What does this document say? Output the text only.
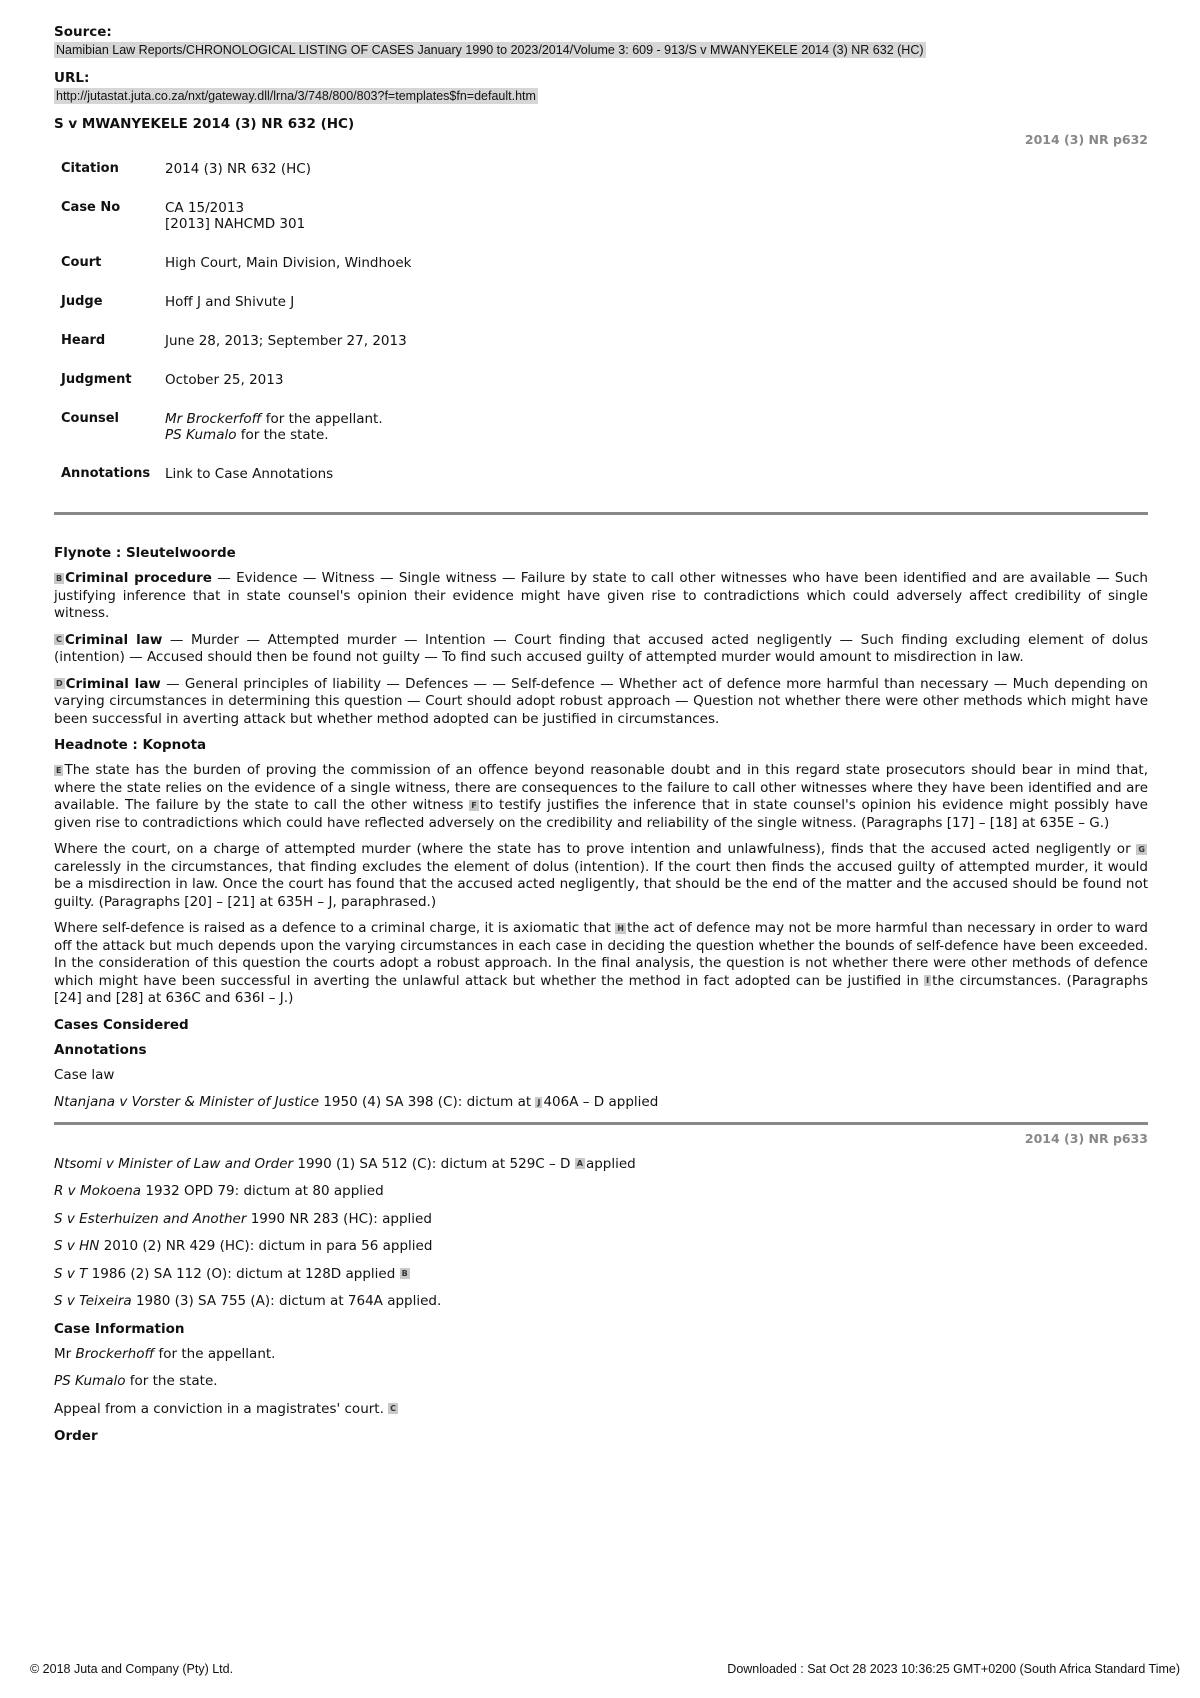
Source:
Namibian Law Reports/CHRONOLOGICAL LISTING OF CASES January 1990 to 2023/2014/Volume 3: 609 - 913/S v MWANYEKELE 2014 (3) NR 632 (HC)
URL:
http://jutastat.juta.co.za/nxt/gateway.dll/lrna/3/748/800/803?f=templates$fn=default.htm
S v MWANYEKELE 2014 (3) NR 632 (HC)
2014 (3) NR p632
Citation	2014 (3) NR 632 (HC)
Case No	CA 15/2013
[2013] NAHCMD 301

Court	High Court, Main Division, Windhoek
Judge	Hoff J and Shivute J
Heard	June 28, 2013; September 27, 2013
Judgment	October 25, 2013
Counsel	Mr Brockerfoff for the appellant.
PS Kumalo for the state.

Annotations	Link to Case Annotations
Flynote : Sleutelwoorde

B Criminal procedure — Evidence — Witness — Single witness — Failure by state to call other witnesses who have been identified and are available — Such justifying inference that in state counsel's opinion their evidence might have given rise to contradictions which could adversely affect credibility of single witness.

C Criminal law — Murder — Attempted murder — Intention — Court finding that accused acted negligently — Such finding excluding element of dolus (intention) — Accused should then be found not guilty — To find such accused guilty of attempted murder would amount to misdirection in law.

D Criminal law — General principles of liability — Defences — — Self-defence — Whether act of defence more harmful than necessary — Much depending on varying circumstances in determining this question — Court should adopt robust approach — Question not whether there were other methods which might have been successful in averting attack but whether method adopted can be justified in circumstances.

Headnote : Kopnota

E The state has the burden of proving the commission of an offence beyond reasonable doubt and in this regard state prosecutors should bear in mind that, where the state relies on the evidence of a single witness, there are consequences to the failure to call other witnesses where they have been identified and are available. The failure by the state to call the other witness F to testify justifies the inference that in state counsel's opinion his evidence might possibly have given rise to contradictions which could have reflected adversely on the credibility and reliability of the single witness. (Paragraphs [17] – [18] at 635E – G.)

Where the court, on a charge of attempted murder (where the state has to prove intention and unlawfulness), finds that the accused acted negligently or Gcarelessly in the circumstances, that finding excludes the element of dolus (intention). If the court then finds the accused guilty of attempted murder, it would be a misdirection in law. Once the court has found that the accused acted negligently, that should be the end of the matter and the accused should be found not guilty. (Paragraphs [20] – [21] at 635H – J, paraphrased.)

Where self-defence is raised as a defence to a criminal charge, it is axiomatic that H the act of defence may not be more harmful than necessary in order to ward off the attack but much depends upon the varying circumstances in each case in deciding the question whether the bounds of self-defence have been exceeded. In the consideration of this question the courts adopt a robust approach. In the final analysis, the question is not whether there were other methods of defence which might have been successful in averting the unlawful attack but whether the method in fact adopted can be justified in I the circumstances. (Paragraphs [24] and [28] at 636C and 636I – J.)

Cases Considered
Annotations

Case law

Ntanjana v Vorster & Minister of Justice 1950 (4) SA 398 (C): dictum at J 406A – D applied

2014 (3) NR p633

Ntsomi v Minister of Law and Order 1990 (1) SA 512 (C): dictum at 529C – D A applied

R v Mokoena 1932 OPD 79: dictum at 80 applied

S v Esterhuizen and Another 1990 NR 283 (HC): applied

S v HN 2010 (2) NR 429 (HC): dictum in para 56 applied

S v T 1986 (2) SA 112 (O): dictum at 128D applied B

S v Teixeira 1980 (3) SA 755 (A): dictum at 764A applied.

Case Information

Mr Brockerhoff for the appellant.

PS Kumalo for the state.

Appeal from a conviction in a magistrates' court. C

Order
© 2018 Juta and Company (Pty) Ltd.	Downloaded : Sat Oct 28 2023 10:36:25 GMT+0200 (South Africa Standard Time)
